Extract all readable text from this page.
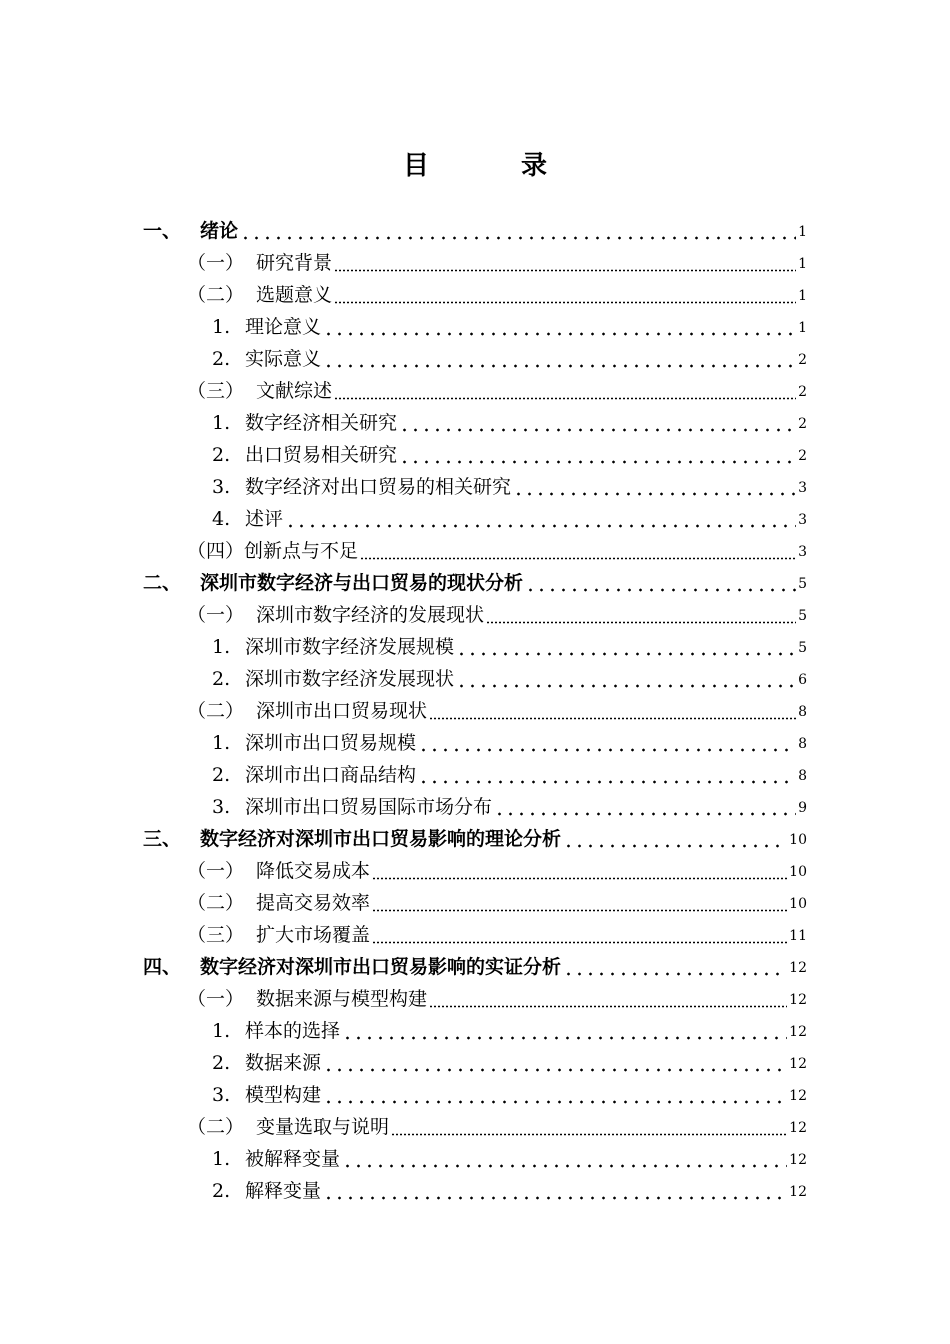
目	录
一、 绪论	1
（一） 研究背景	1
（二） 选题意义	1
1. 理论意义	1
2. 实际意义	2
（三） 文献综述	2
1. 数字经济相关研究	2
2. 出口贸易相关研究	2
3. 数字经济对出口贸易的相关研究	3
4. 述评	3
（四） 创新点与不足	3
二、 深圳市数字经济与出口贸易的现状分析	5
（一） 深圳市数字经济的发展现状	5
1. 深圳市数字经济发展规模	5
2. 深圳市数字经济发展现状	6
（二） 深圳市出口贸易现状	8
1. 深圳市出口贸易规模	8
2. 深圳市出口商品结构	8
3. 深圳市出口贸易国际市场分布	9
三、 数字经济对深圳市出口贸易影响的理论分析	10
（一） 降低交易成本	10
（二） 提高交易效率	10
（三） 扩大市场覆盖	11
四、 数字经济对深圳市出口贸易影响的实证分析	12
（一） 数据来源与模型构建	12
1. 样本的选择	12
2. 数据来源	12
3. 模型构建	12
（二） 变量选取与说明	12
1. 被解释变量	12
2. 解释变量	12
